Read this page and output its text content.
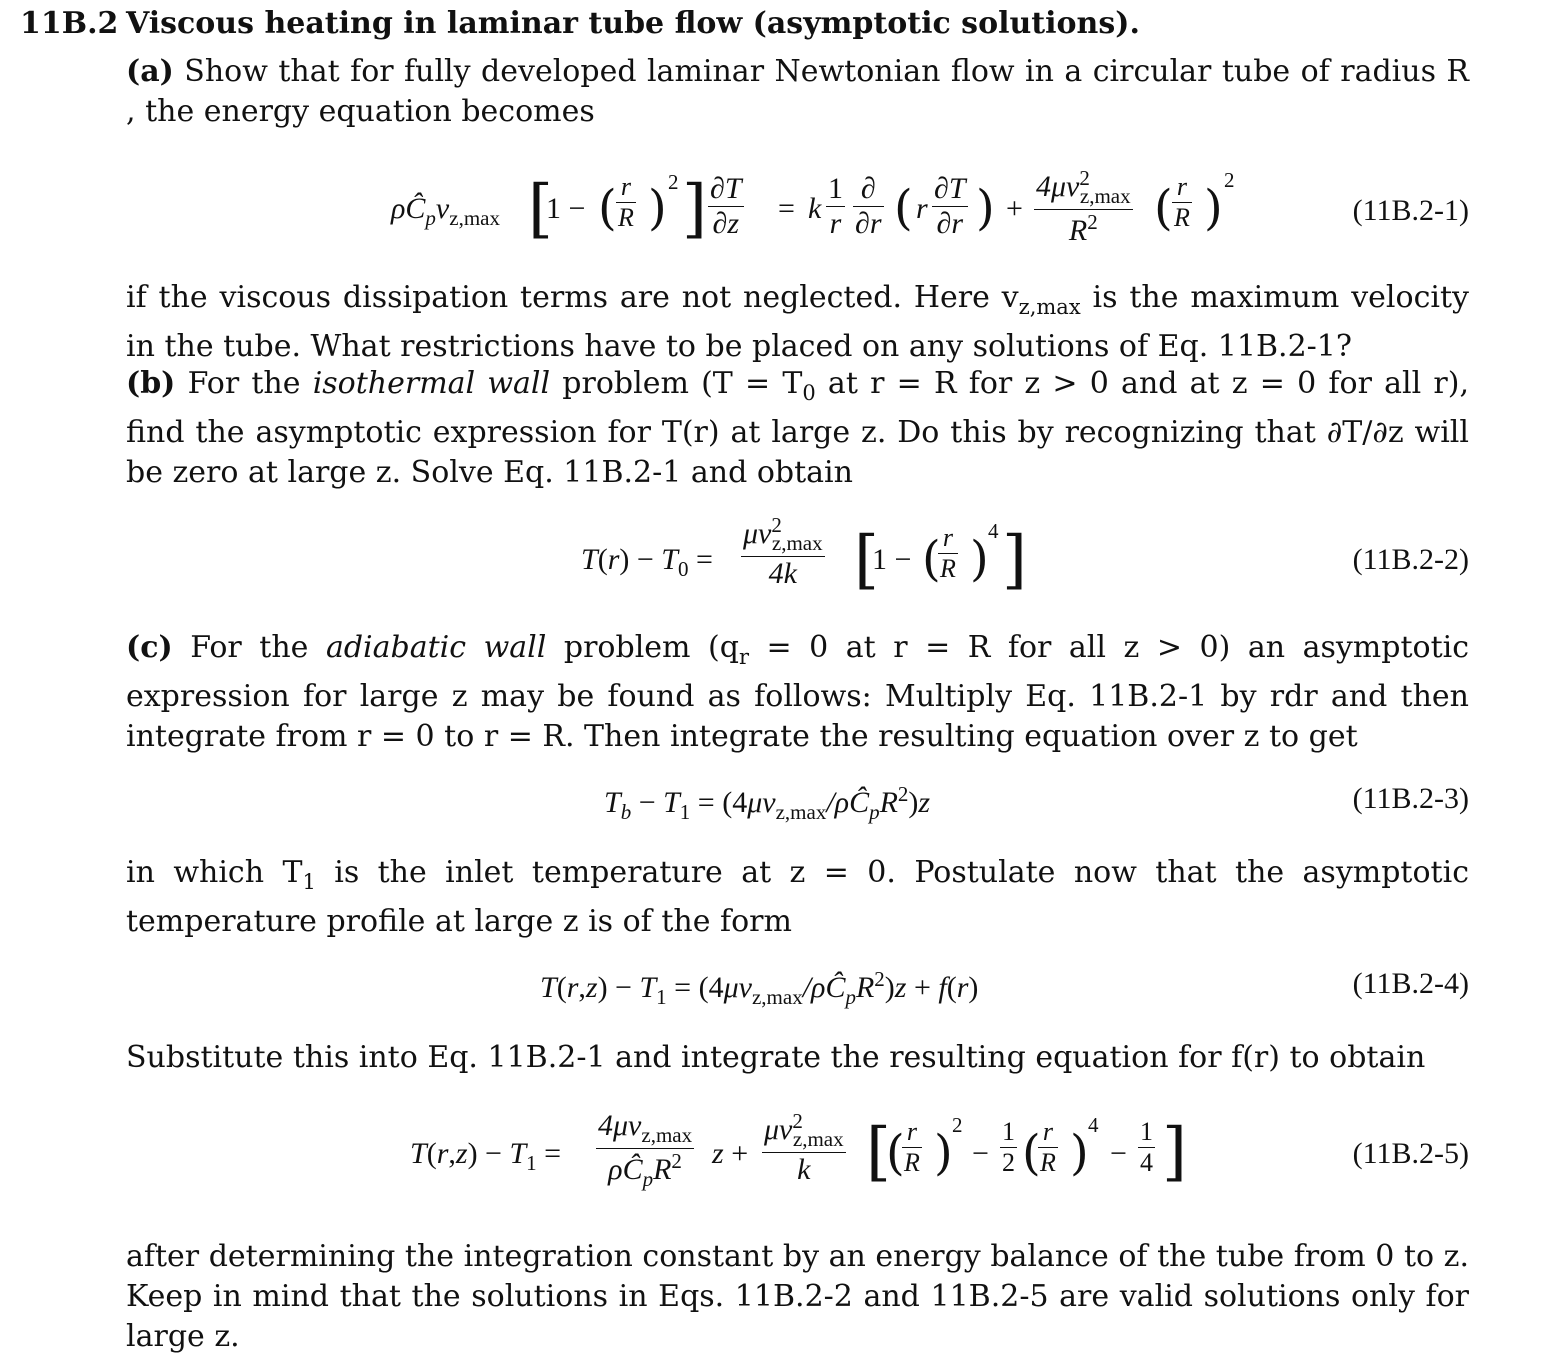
11B.2 Viscous heating in laminar tube flow (asymptotic solutions).
(a) Show that for fully developed laminar Newtonian flow in a circular tube of radius R , the energy equation becomes
$\rho Ĉ_pv_{z,max}$ [
1 − ( $\frac{r}{R}$ ) 2 ] $\frac{\partial T}{\partial z} = k \frac{1}{r}$ ∂
∂r ( r $\frac{\partial T}{\partial r}$ ) +
$4\mu v^2_{z,max}$
$R^2$	( $\frac{r}{R}$ ) 2
(11B.2-1)
if the viscous dissipation terms are not neglected. Here $v_{z,max}$ is the maximum velocity in the tube. What restrictions have to be placed on any solutions of Eq. 11B.2-1?
(b) For the isothermal wall problem ($T = T_0$ at r = R for z > 0 and at z = 0 for all r), find the asymptotic expression for T(r) at large z. Do this by recognizing that ∂T/∂z will be zero at large z. Solve Eq. 11B.2-1 and obtain
$T(r) - T_0$ =
$\mu v^2_{z,max}$
4k [
1 − (
$\frac{r}{R}$ ) 4 ]	(11B.2-2)
(c) For the adiabatic wall problem ($q_r = 0$ at r = R for all z > 0) an asymptotic expression for large z may be found as follows: Multiply Eq. 11B.2-1 by rdr and then integrate from r = 0 to r = R. Then integrate the resulting equation over z to get
$T_b - T_1$ = $(4\mu v_{z,max}/\rho Ĉ_pR^2)z$	(11B.2-3)
in which $T_1$ is the inlet temperature at z = 0. Postulate now that the asymptotic temperature profile at large z is of the form
$T(r,z) - T_1$ = $(4\mu v_{z,max}/\rho Ĉ_pR^2)z + f(r)$	(11B.2-4)
Substitute this into Eq. 11B.2-1 and integrate the resulting equation for f(r) to obtain
$T(r,z) - T_1$ =
$4\mu v_{z,max}$
$\rho Ĉ_pR^2$	z +
$\mu v^2_{z,max}$
k [
(
$\frac{r}{R}$ ) 2
− $\frac{1}{2}$ (
$\frac{r}{R}$ ) 4
− $\frac{1}{4}$ ]	(11B.2-5)
after determining the integration constant by an energy balance of the tube from 0 to z. Keep in mind that the solutions in Eqs. 11B.2-2 and 11B.2-5 are valid solutions only for large z.
